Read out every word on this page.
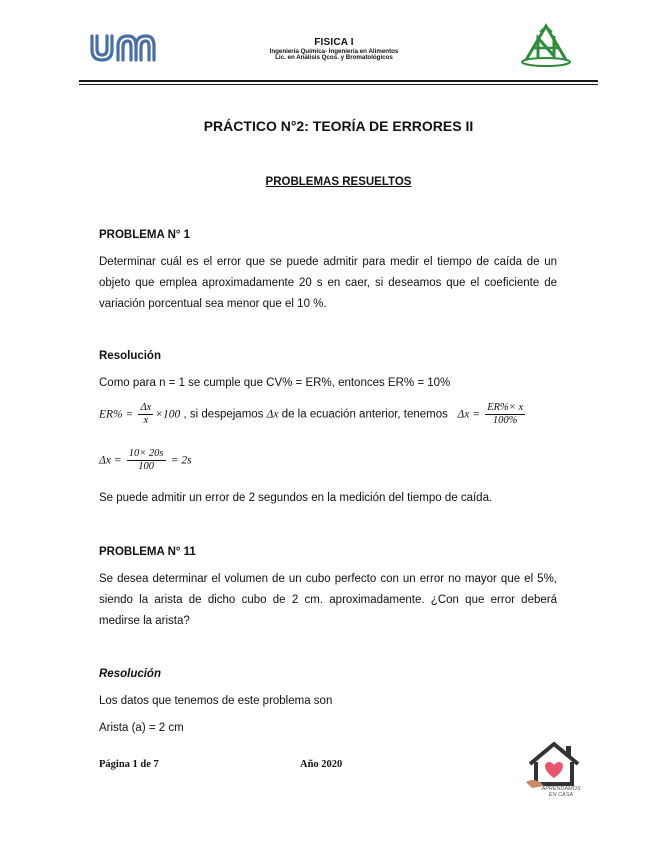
FISICA I
Ingeniería Química- Ingeniería en Alimentos
Lic. en Análisis Qcos. y Bromatológicos
PRÁCTICO N°2: TEORÍA DE ERRORES II
PROBLEMAS RESUELTOS
PROBLEMA N° 1
Determinar cuál es el error que se puede admitir para medir el tiempo de caída de un objeto que emplea aproximadamente 20 s en caer, si deseamos que el coeficiente de variación porcentual sea menor que el 10 %.
Resolución
Como para n = 1 se cumple que CV% = ER%, entonces ER% = 10%
$ER\% = \frac{\Delta x}{x} \times 100$ , si despejamos Δx de la ecuación anterior, tenemos $\Delta x = \frac{ER\%\times x}{100\%}$
$\Delta x = \frac{10\times 20s}{100} = 2s$
Se puede admitir un error de 2 segundos en la medición del tiempo de caída.
PROBLEMA N° 11
Se desea determinar el volumen de un cubo perfecto con un error no mayor que el 5%, siendo la arista de dicho cubo de 2 cm. aproximadamente. ¿Con que error deberá medirse la arista?
Resolución
Los datos que tenemos de este problema son
Arista (a) = 2 cm
Página 1 de 7	Año 2020
APRENDAMOS
EN CASA
